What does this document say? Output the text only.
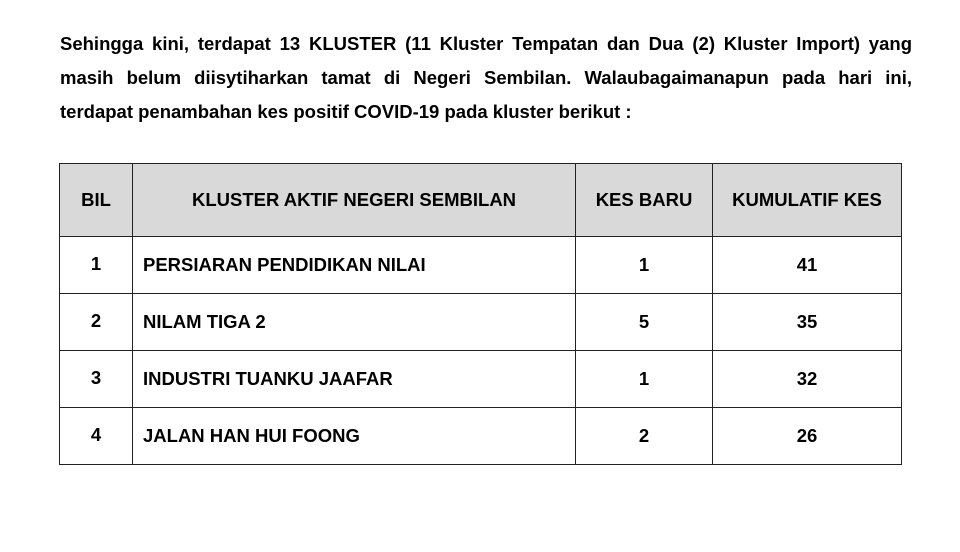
Sehingga kini, terdapat 13 KLUSTER (11 Kluster Tempatan dan Dua (2) Kluster Import) yang
masih belum diisytiharkan tamat di Negeri Sembilan. Walaubagaimanapun pada hari ini,
terdapat penambahan kes positif COVID-19 pada kluster berikut :

BIL	KLUSTER AKTIF NEGERI SEMBILAN	KES BARU	KUMULATIF KES
1	PERSIARAN PENDIDIKAN NILAI	1	41
2	NILAM TIGA 2	5	35
3	INDUSTRI TUANKU JAAFAR	1	32
4	JALAN HAN HUI FOONG	2	26
